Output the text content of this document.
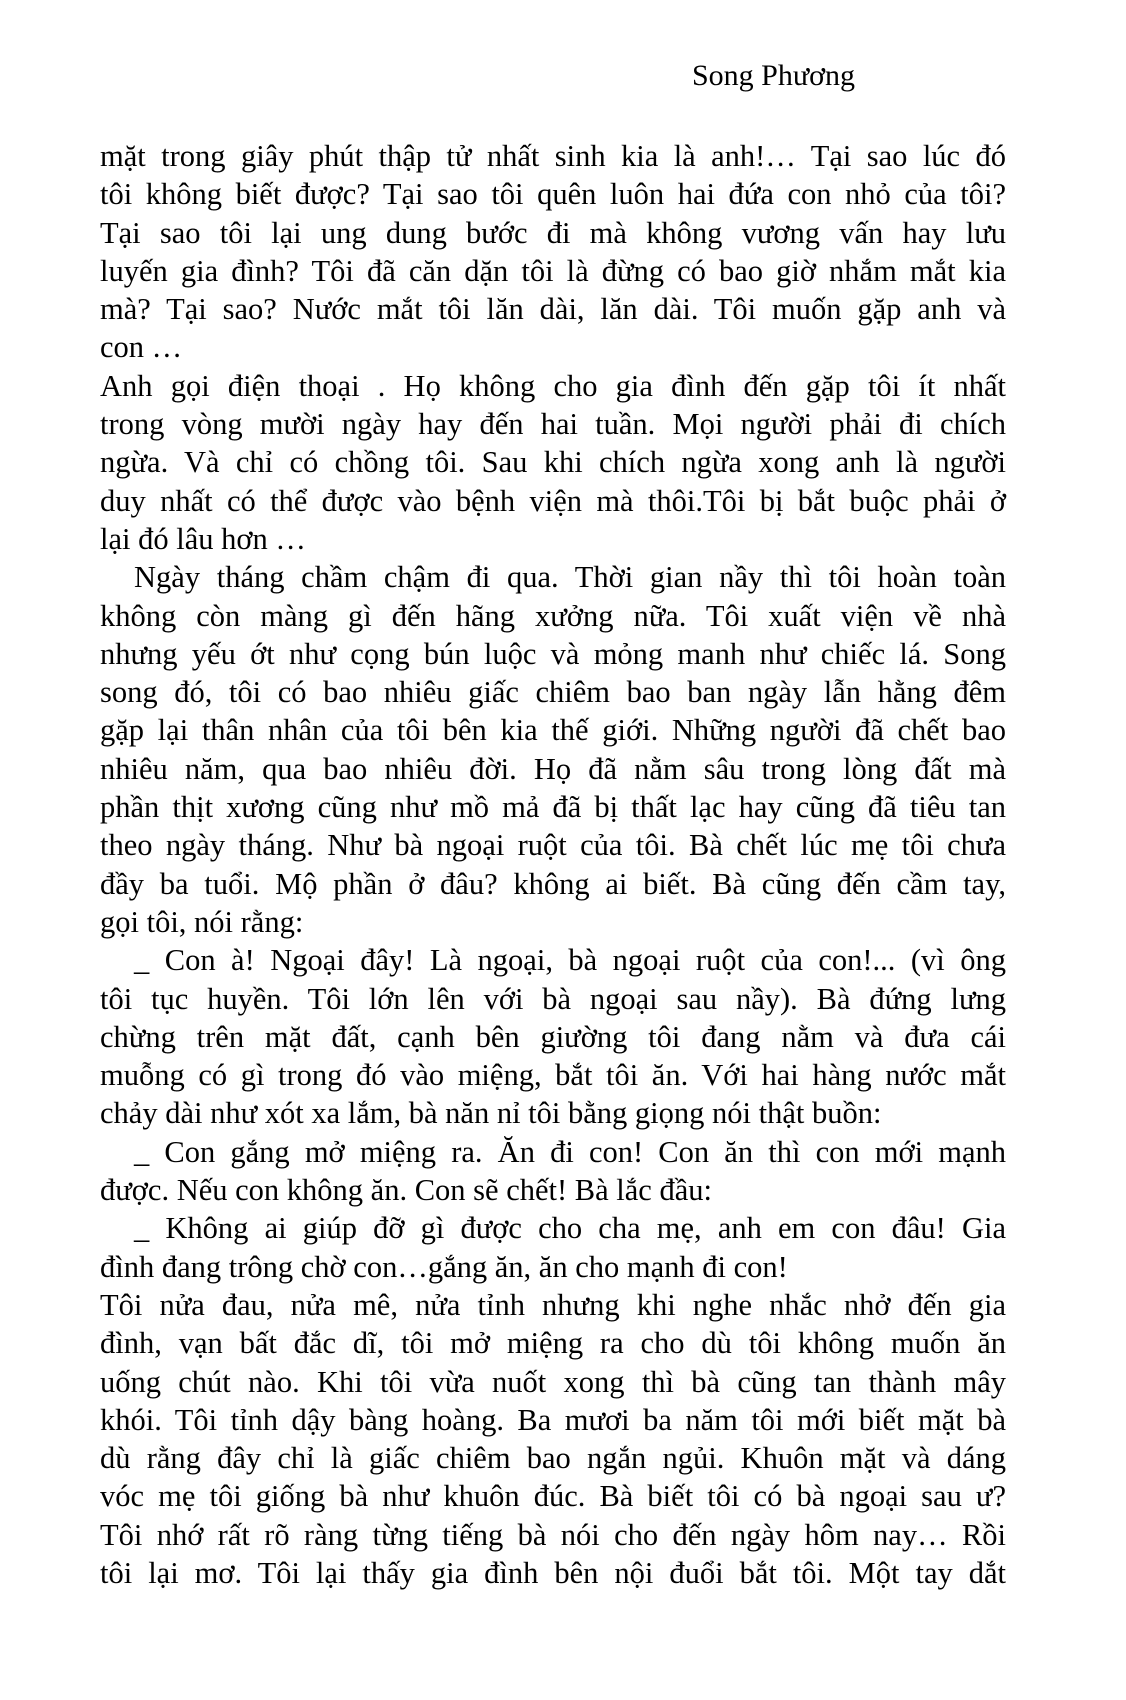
Song Phương
mặt trong giây phút thập tử nhất sinh kia là anh!… Tại sao lúc đó
tôi không biết được? Tại sao tôi quên luôn hai đứa con nhỏ của tôi?
Tại sao tôi lại ung dung bước đi mà không vương vấn hay lưu
luyến gia đình? Tôi đã căn dặn tôi là đừng có bao giờ nhắm mắt kia
mà? Tại sao? Nước mắt tôi lăn dài, lăn dài. Tôi muốn gặp anh và
con …
Anh gọi điện thoại . Họ không cho gia đình đến gặp tôi ít nhất
trong vòng mười ngày hay đến hai tuần. Mọi người phải đi chích
ngừa. Và chỉ có chồng tôi. Sau khi chích ngừa xong anh là người
duy nhất có thể được vào bệnh viện mà thôi.Tôi bị bắt buộc phải ở
lại đó lâu hơn …
Ngày tháng chầm chậm đi qua. Thời gian nầy thì tôi hoàn toàn
không còn màng gì đến hãng xưởng nữa. Tôi xuất viện về nhà
nhưng yếu ớt như cọng bún luộc và mỏng manh như chiếc lá. Song
song đó, tôi có bao nhiêu giấc chiêm bao ban ngày lẫn hằng đêm
gặp lại thân nhân của tôi bên kia thế giới. Những người đã chết bao
nhiêu năm, qua bao nhiêu đời. Họ đã nằm sâu trong lòng đất mà
phần thịt xương cũng như mồ mả đã bị thất lạc hay cũng đã tiêu tan
theo ngày tháng. Như bà ngoại ruột của tôi. Bà chết lúc mẹ tôi chưa
đầy ba tuổi. Mộ phần ở đâu? không ai biết. Bà cũng đến cầm tay,
gọi tôi, nói rằng:
_ Con à! Ngoại đây! Là ngoại, bà ngoại ruột của con!... (vì ông
tôi tục huyền. Tôi lớn lên với bà ngoại sau nầy). Bà đứng lưng
chừng trên mặt đất, cạnh bên giường tôi đang nằm và đưa cái
muỗng có gì trong đó vào miệng, bắt tôi ăn. Với hai hàng nước mắt
chảy dài như xót xa lắm, bà năn nỉ tôi bằng giọng nói thật buồn:
_ Con gắng mở miệng ra. Ăn đi con! Con ăn thì con mới mạnh
được. Nếu con không ăn. Con sẽ chết! Bà lắc đầu:
_ Không ai giúp đỡ gì được cho cha mẹ, anh em con đâu! Gia
đình đang trông chờ con…gắng ăn, ăn cho mạnh đi con!
Tôi nửa đau, nửa mê, nửa tỉnh nhưng khi nghe nhắc nhở đến gia
đình, vạn bất đắc dĩ, tôi mở miệng ra cho dù tôi không muốn ăn
uống chút nào. Khi tôi vừa nuốt xong thì bà cũng tan thành mây
khói. Tôi tỉnh dậy bàng hoàng. Ba mươi ba năm tôi mới biết mặt bà
dù rằng đây chỉ là giấc chiêm bao ngắn ngủi. Khuôn mặt và dáng
vóc mẹ tôi giống bà như khuôn đúc. Bà biết tôi có bà ngoại sau ư?
Tôi nhớ rất rõ ràng từng tiếng bà nói cho đến ngày hôm nay… Rồi
tôi lại mơ. Tôi lại thấy gia đình bên nội đuổi bắt tôi. Một tay dắt
